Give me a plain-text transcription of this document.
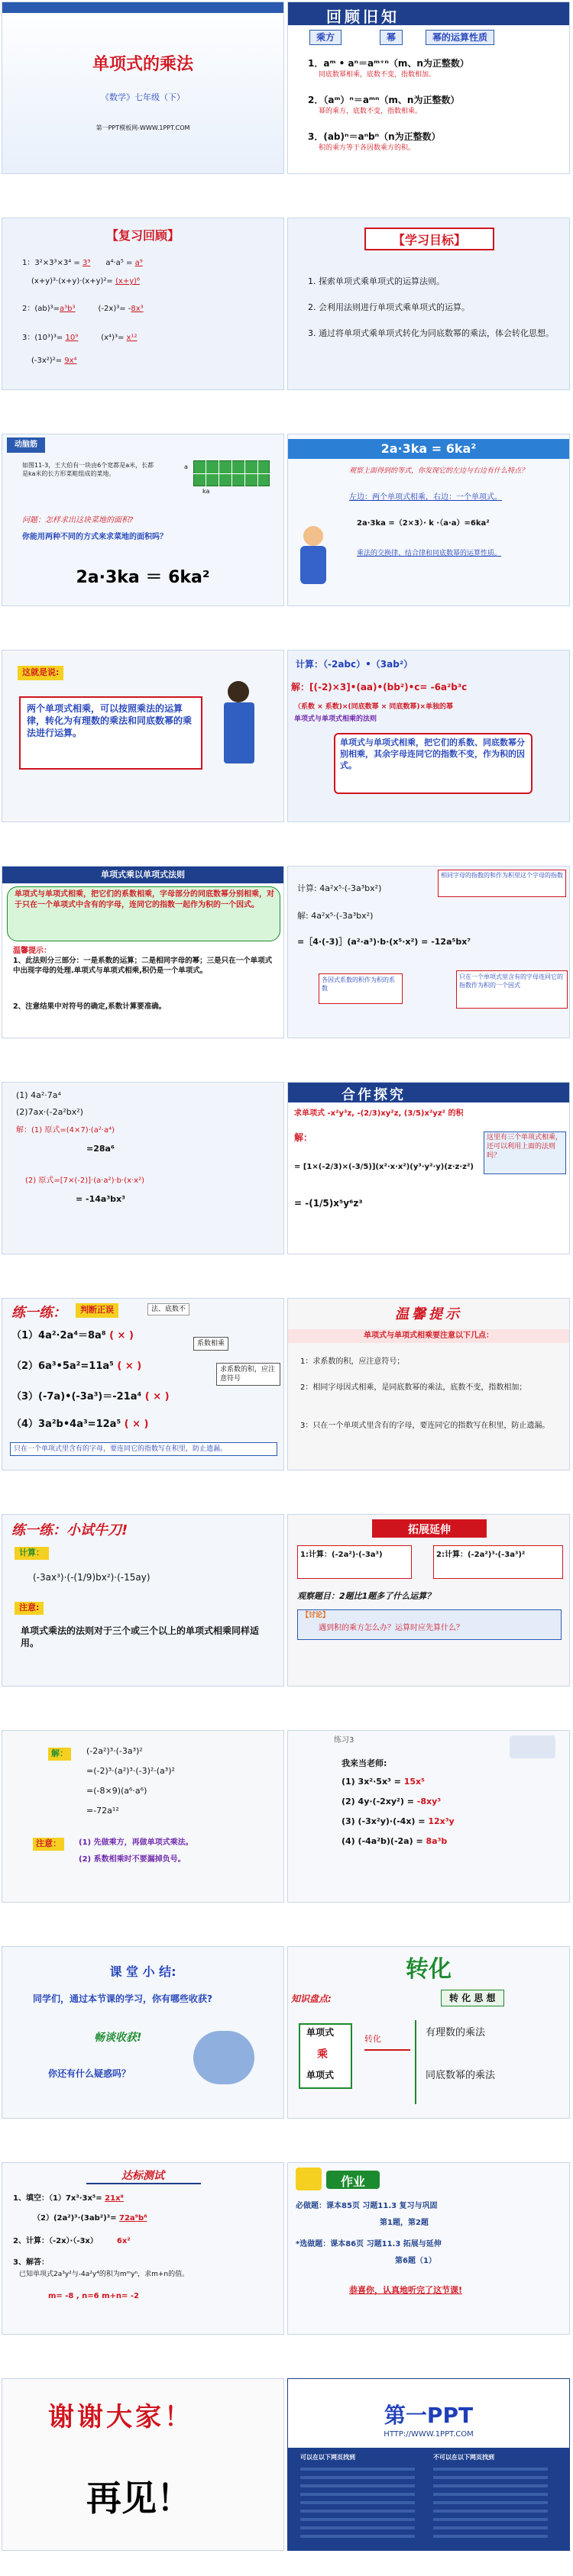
单项式的乘法
《数学》七年级（下）
第一PPT模板网-WWW.1PPT.COM
回顾旧知
乘方	幂	幂的运算性质
1．aᵐ • aⁿ＝aᵐ⁺ⁿ（m、n为正整数）
同底数幂相乘，底数不变，指数相加。
2．（aᵐ）ⁿ＝aᵐⁿ（m、n为正整数）
幂的乘方，底数不变，指数相乘。
3．(ab)ⁿ＝aⁿbⁿ（n为正整数）
积的乘方等于各因数乘方的积。
【复习回顾】
1：3²×3³×3⁴ = 3⁹　　 a⁴·a⁵ = a⁹
(x+y)³·(x+y)·(x+y)²= (x+y)⁶
2：(ab)³=a³b³　　　	(-2x)³= -8x³
3：(10³)³= 10⁹　　　	(x⁴)³= x¹²
(-3x²)²= 9x⁴
【学习目标】
1. 探索单项式乘单项式的运算法则。
2. 会利用法则进行单项式乘单项式的运算。
3. 通过将单项式乘单项式转化为同底数幂的乘法，体会转化思想。
动脑筋
如图11-3，王大伯有一块由6个宽都是a米，长都是ka米的长方形菜畦组成的菜地。
a
ka
问题：怎样求出这块菜地的面积?
你能用两种不同的方式来求菜地的面积吗？
2a·3ka ＝ 6ka²
2a·3ka = 6ka²
观察上面得到的等式，你发现它的左边与右边有什么特点？
左边：两个单项式相乘，右边：一个单项式。
2a·3ka =（2×3）· k ·（a·a）=6ka²
乘法的交换律、结合律和同底数幂的运算性质。
这就是说:
两个单项式相乘，可以按照乘法的运算律，转化为有理数的乘法和同底数幂的乘法进行运算。
计算：（-2abc）•（3ab²）
解：[(-2)×3]•(aa)•(bb²)•c= -6a²b³c
（系数 × 系数)×(同底数幂 × 同底数幂)×单独的幂
单项式与单项式相乘的法则
单项式与单项式相乘，把它们的系数、同底数幂分别相乘，其余字母连同它的指数不变，作为积的因式。
单项式乘以单项式法则
单项式与单项式相乘，把它们的系数相乘，字母部分的同底数幂分别相乘，对于只在一个单项式中含有的字母，连同它的指数一起作为积的一个因式。
温馨提示：
1、此法则分三部分：一是系数的运算；二是相同字母的幂；三是只在一个单项式中出现字母的处理.单项式与单项式相乘,积仍是一个单项式。
2、注意结果中对符号的确定,系数计算要准确。
计算: 4a²x⁵·(-3a³bx²)
解: 4a²x⁵·(-3a³bx²)
=［4·(-3)］(a²·a³)·b·(x⁵·x²) = -12a⁵bx⁷
相同字母的指数的和作为积里这个字母的指数
各因式系数的积作为积的系数
只在一个单项式里含有的字母连同它的指数作为积的一个因式
(1) 4a²·7a⁴
(2)7ax·(-2a²bx²)
解：(1) 原式=(4×7)·(a²·a⁴)
=28a⁶
(2) 原式=[7×(-2)]·(a·a²)·b·(x·x²)
= -14a³bx³
合作探究
求单项式 -x²y³z, -(2/3)xy²z, (3/5)x²yz² 的积
解：
= [1×(-2/3)×(-3/5)](x²·x·x²)(y³·y²·y)(z·z·z²)
= -(1/5)x⁵y⁶z³
这里有三个单项式相乘，还可以利用上面的法则吗？
练一练：	判断正误	法、底数不
（1）4a²·2a⁴＝8a⁸ ( × )
（2）6a³•5a²=11a⁵ ( × )
（3）(-7a)•(-3a³)＝-21a⁴ ( × )
（4）3a²b•4a³=12a⁵ ( × )
系数相乘
求系数的积，应注意符号
只在一个单项式里含有的字母，要连同它的指数写在积里，防止遗漏。
温馨提示
单项式与单项式相乘要注意以下几点：
1：求系数的积，应注意符号；
2：相同字母因式相乘，是同底数幂的乘法，底数不变，指数相加；
3：只在一个单项式里含有的字母，要连同它的指数写在积里，防止遗漏。
练一练：小试牛刀!
计算：
(-3ax³)·(-(1/9)bx²)·(-15ay)
注意:
单项式乘法的法则对于三个或三个以上的单项式相乘同样适用。
拓展延伸
1:计算：(-2a²)·(-3a³)	2:计算：(-2a²)³·(-3a³)²
观察题目：2题比1题多了什么运算？
【讨论】
遇到积的乘方怎么办？运算时应先算什么？
解：	(-2a²)³·(-3a³)²
=(-2)³·(a²)³·(-3)²·(a³)²
=(-8×9)(a⁶·a⁶)
=-72a¹²
注意：	(1) 先做乘方，再做单项式乘法。
(2) 系数相乘时不要漏掉负号。
练习3
我来当老师:
(1) 3x²·5x³ = 15x⁵
(2) 4y·(-2xy²) = -8xy³
(3) (-3x²y)·(-4x) = 12x³y
(4) (-4a²b)(-2a) = 8a³b
课 堂 小 结:
同学们，通过本节课的学习，你有哪些收获?
畅谈收获!
你还有什么疑惑吗？
转化
知识盘点:	转 化 思 想
单项式
乘
单项式
转化
有理数的乘法
同底数幂的乘法
达标测试
1、填空：（1）7x³·3x⁵= 21x⁸
（2）(2a²)³·(3ab²)³= 72a⁹b⁶
2、计算：（-2x）·（-3x）　　　	6x²
3、解答：
已知单项式2a³y²与-4a²y⁴的积为mᵐyⁿ，求m+n的值。
m= -8 , n=6 m+n= -2
作业
必做题：课本85页 习题11.3 复习与巩固
第1题，第2题
*选做题：课本86页 习题11.3 拓展与延伸
第6题（1）
恭喜你，认真地听完了这节课!
谢谢大家！
再见！
第一PPT
HTTP://WWW.1PPT.COM
可以在以下网页找到	不可以在以下网页找到
